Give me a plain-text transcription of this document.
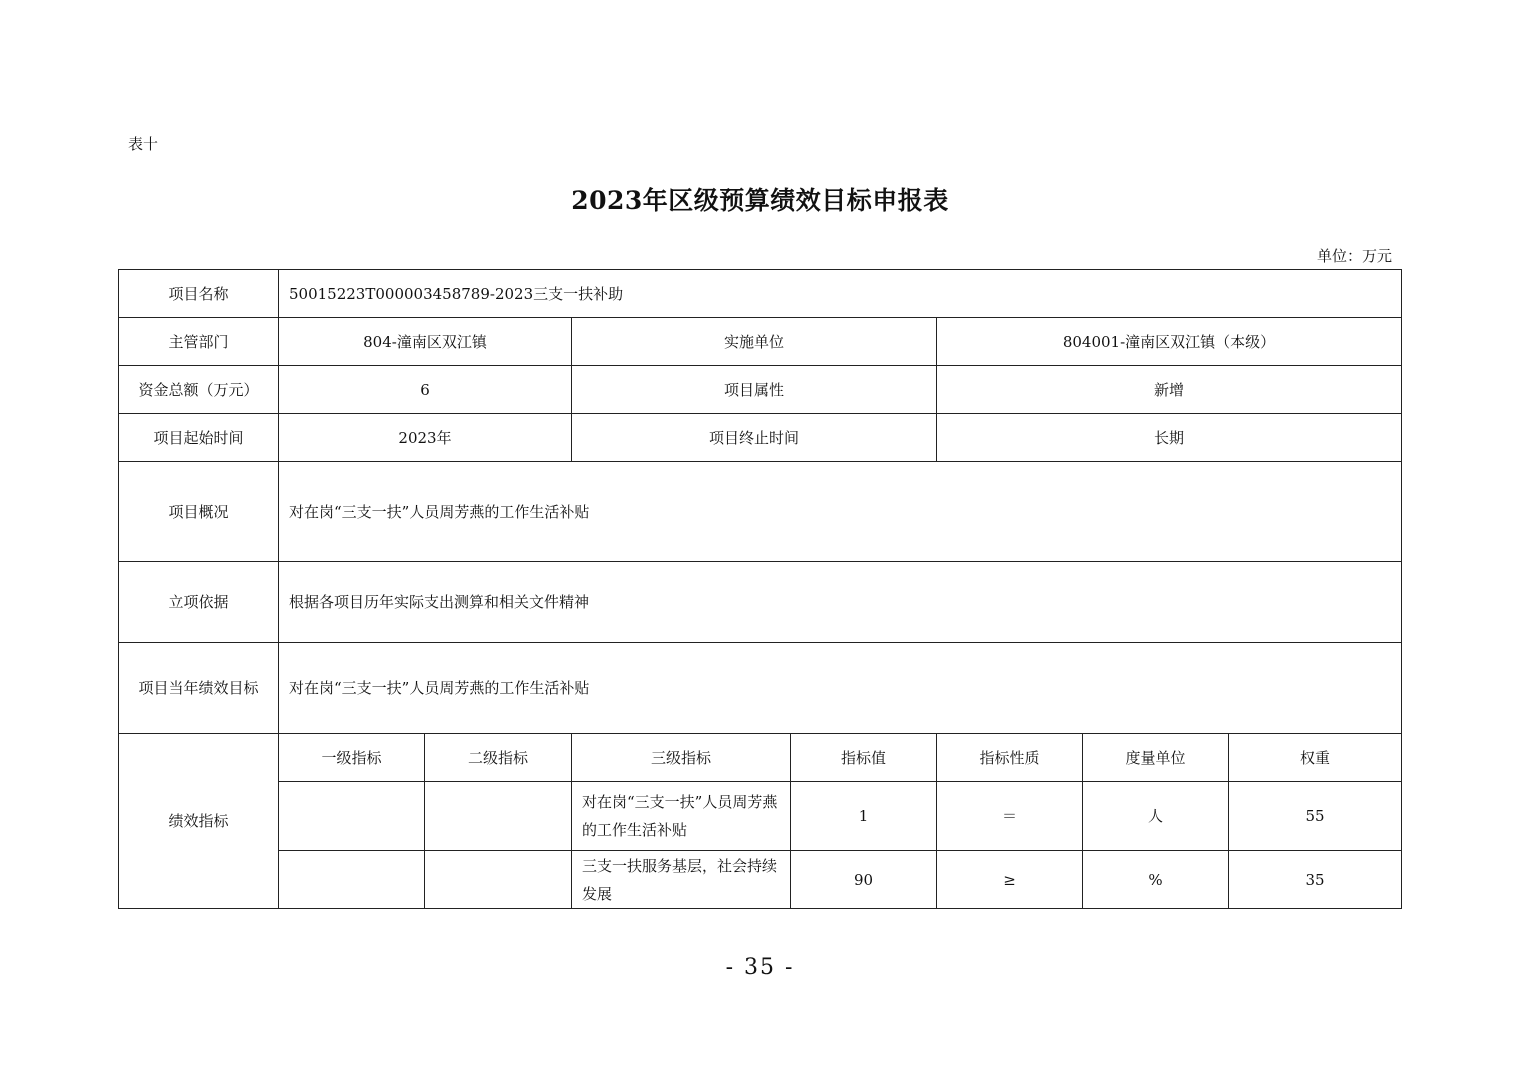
表十
2023年区级预算绩效目标申报表
单位：万元
项目名称	50015223T000003458789-2023三支一扶补助						
主管部门	804-潼南区双江镇		实施单位		804001-潼南区双江镇（本级）		
资金总额（万元）	6		项目属性		新增		
项目起始时间	2023年		项目终止时间		长期		
项目概况	对在岗“三支一扶”人员周芳燕的工作生活补贴						
立项依据	根据各项目历年实际支出测算和相关文件精神						
项目当年绩效目标	对在岗“三支一扶”人员周芳燕的工作生活补贴						
绩效指标	一级指标	二级指标	三级指标	指标值	指标性质	度量单位	权重
			对在岗“三支一扶”人员周芳燕的工作生活补贴	1	＝	人	55
			三支一扶服务基层，社会持续发展	90	≥	%	35
- 35 -
